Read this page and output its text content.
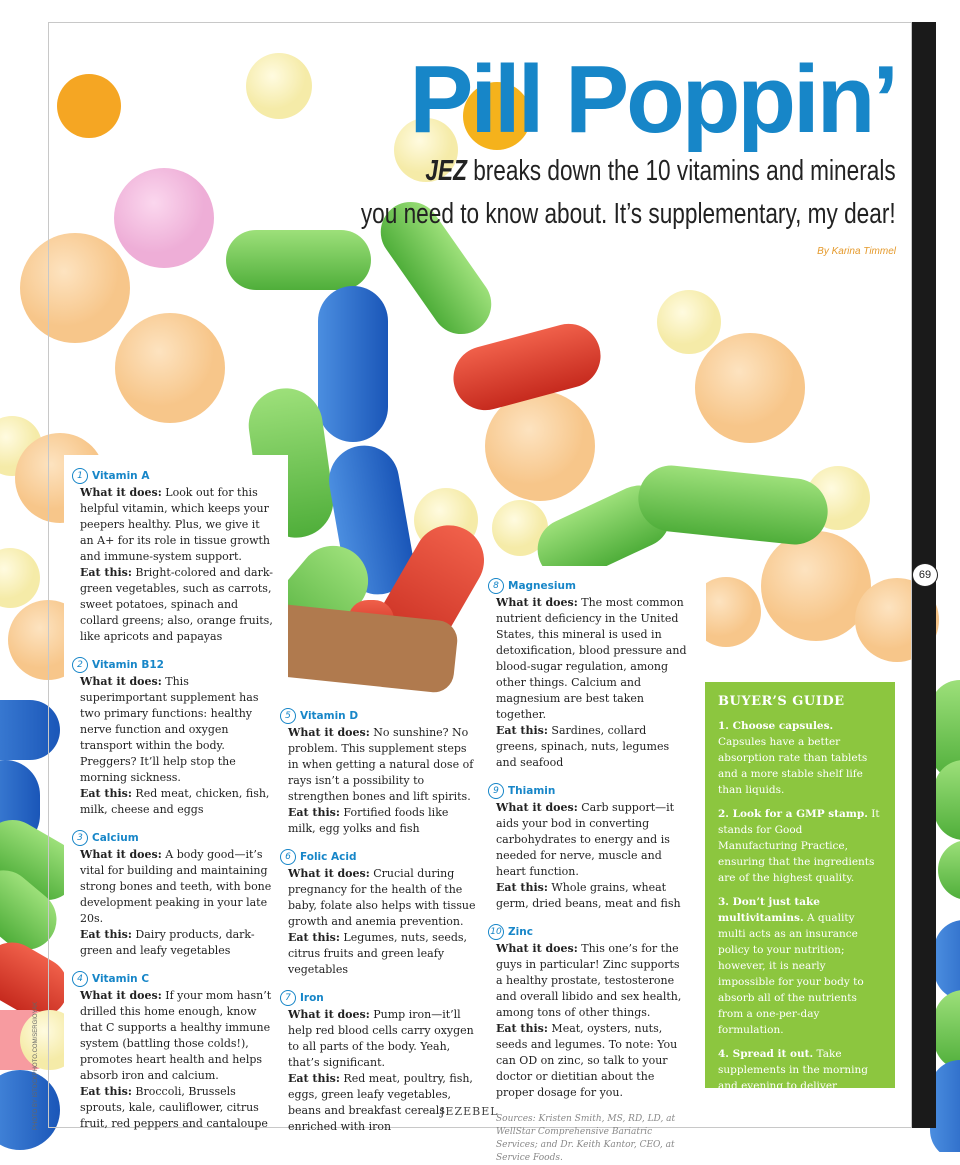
Pill Poppin’
JEZ breaks down the 10 vitamins and minerals
you need to know about. It’s supplementary, my dear!
By Karina Timmel
1 Vitamin A
What it does: Look out for this helpful vitamin, which keeps your peepers healthy. Plus, we give it an A+ for its role in tissue growth and immune-system support.
Eat this: Bright-colored and dark-green vegetables, such as carrots, sweet potatoes, spinach and collard greens; also, orange fruits, like apricots and papayas
2 Vitamin B12
What it does: This superimportant supplement has two primary functions: healthy nerve function and oxygen transport within the body. Preggers? It’ll help stop the morning sickness.
Eat this: Red meat, chicken, fish, milk, cheese and eggs
3 Calcium
What it does: A body good—it’s vital for building and maintaining strong bones and teeth, with bone development peaking in your late 20s.
Eat this: Dairy products, dark-green and leafy vegetables
4 Vitamin C
What it does: If your mom hasn’t drilled this home enough, know that C supports a healthy immune system (battling those colds!), promotes heart health and helps absorb iron and calcium.
Eat this: Broccoli, Brussels sprouts, kale, cauliflower, citrus fruit, red peppers and cantaloupe
5 Vitamin D
What it does: No sunshine? No problem. This supplement steps in when getting a natural dose of rays isn’t a possibility to strengthen bones and lift spirits.
Eat this: Fortified foods like milk, egg yolks and fish
6 Folic Acid
What it does: Crucial during pregnancy for the health of the baby, folate also helps with tissue growth and anemia prevention.
Eat this: Legumes, nuts, seeds, citrus fruits and green leafy vegetables
7 Iron
What it does: Pump iron—it’ll help red blood cells carry oxygen to all parts of the body. Yeah, that’s significant.
Eat this: Red meat, poultry, fish, eggs, green leafy vegetables, beans and breakfast cereals enriched with iron
8 Magnesium
What it does: The most common nutrient deficiency in the United States, this mineral is used in detoxification, blood pressure and blood-sugar regulation, among other things. Calcium and magnesium are best taken together.
Eat this: Sardines, collard greens, spinach, nuts, legumes and seafood
9 Thiamin
What it does: Carb support—it aids your bod in converting carbohydrates to energy and is needed for nerve, muscle and heart function.
Eat this: Whole grains, wheat germ, dried beans, meat and fish
10 Zinc
What it does: This one’s for the guys in particular! Zinc supports a healthy prostate, testosterone and overall libido and sex health, among tons of other things.
Eat this: Meat, oysters, nuts, seeds and legumes. To note: You can OD on zinc, so talk to your doctor or dietitian about the proper dosage for you.
Sources: Kristen Smith, MS, RD, LD, at WellStar Comprehensive Bariatric Services; and Dr. Keith Kantor, CEO, at Service Foods.
BUYER’S GUIDE
1. Choose capsules. Capsules have a better absorption rate than tablets and a more stable shelf life than liquids.
2. Look for a GMP stamp. It stands for Good Manufacturing Practice, ensuring that the ingredients are of the highest quality.
3. Don’t just take multivitamins. A quality multi acts as an insurance policy to your nutrition; however, it is nearly impossible for your body to absorb all of the nutrients from a one-per-day formulation.
4. Spread it out. Take supplements in the morning and evening to deliver nutrients throughout the day and increase absorption.
69
JEZEBEL
PHOTO BY ISTOCKPHOTO.COM/SERGIOYAK
